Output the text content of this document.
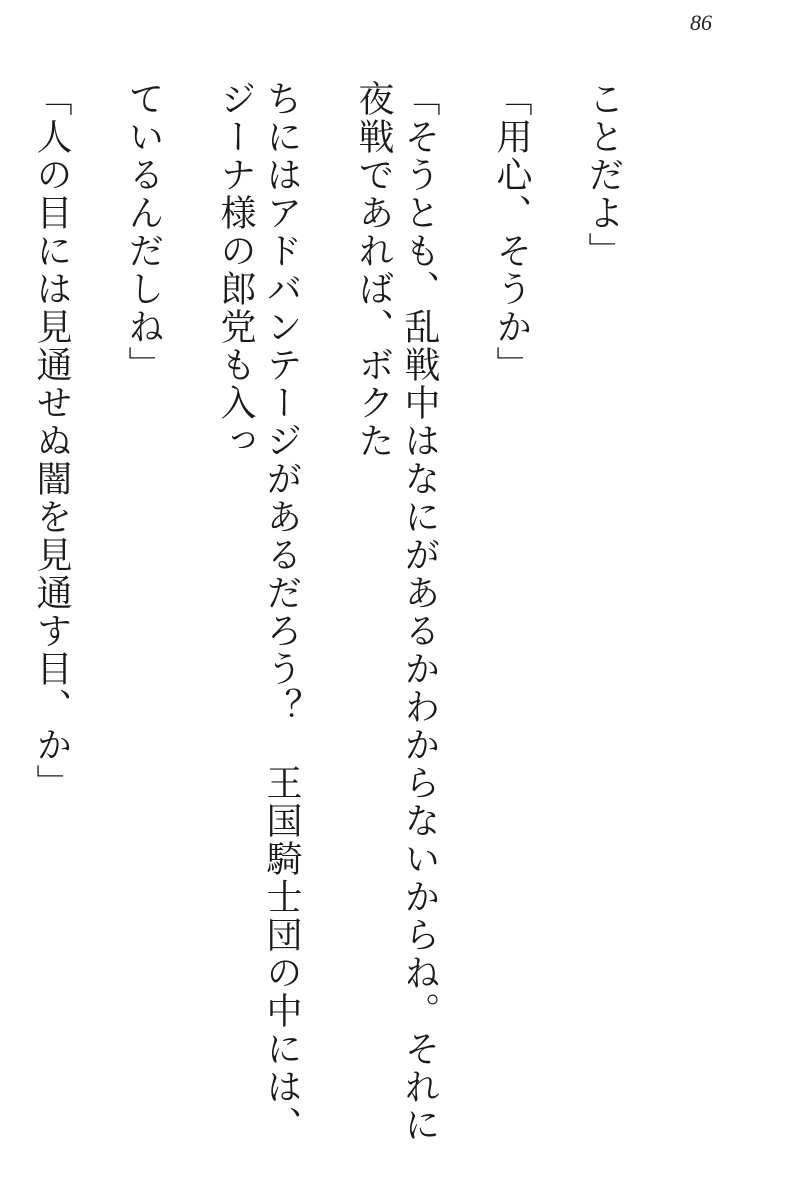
86

ことだよ」

「用心、そうか」

「そうとも、乱戦中はなにがあるかわからないからね。それに夜戦であれば、ボクた

ちにはアドバンテージがあるだろう？　王国騎士団の中には、ジーナ様の郎党も入っ

ているんだしね」

「人の目には見通せぬ闇を見通す目、か」
